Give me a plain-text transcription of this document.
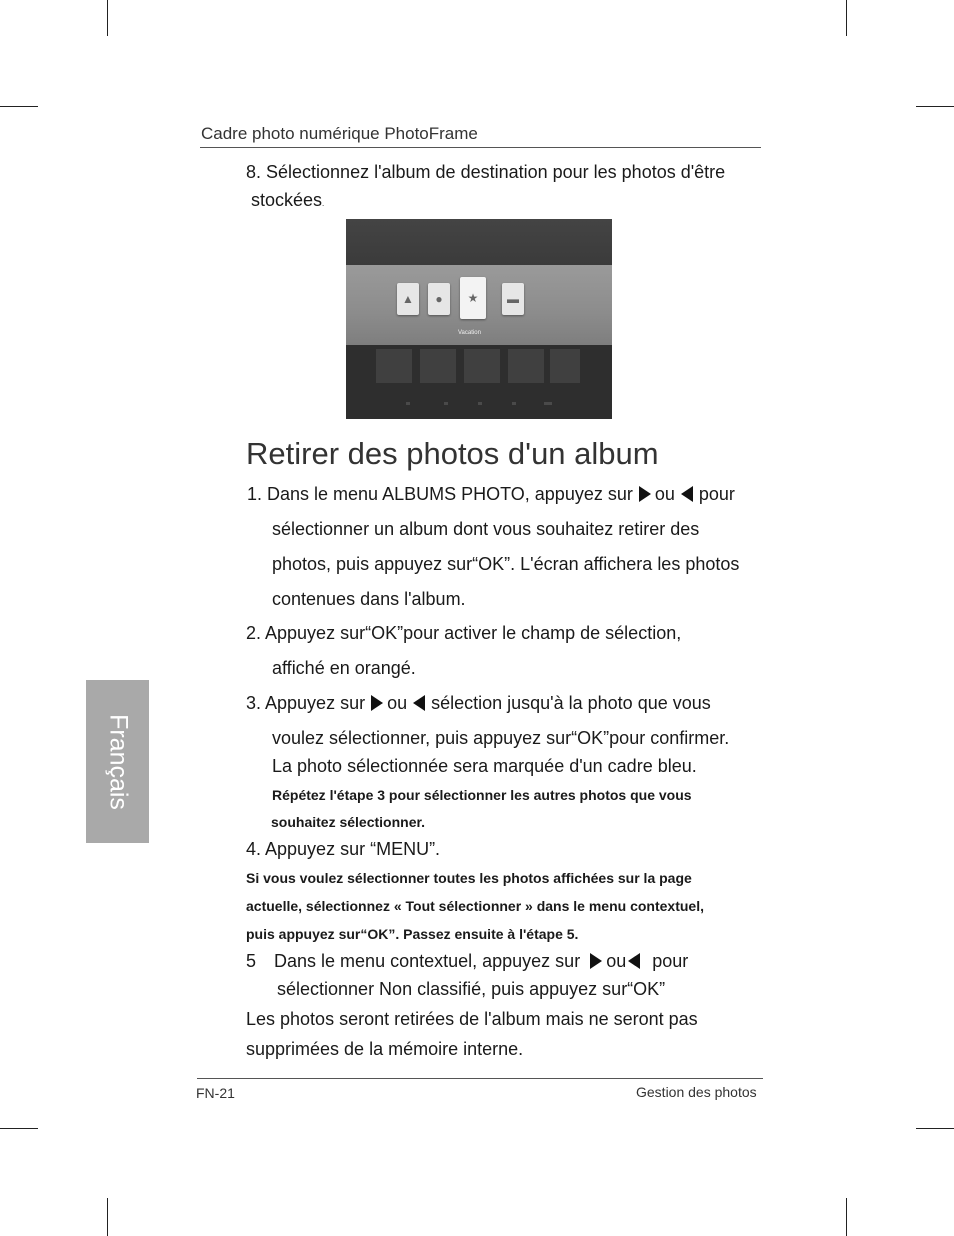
Cadre photo numérique PhotoFrame
8. Sélectionnez l'album de destination pour les photos d'être
stockées.
▲ ● ★ ▬
Vacation
Retirer des photos d'un album
1. Dans le menu ALBUMS PHOTO, appuyez sur ou pour
sélectionner un album dont vous souhaitez retirer des
photos, puis appuyez sur“OK”. L'écran affichera les photos
contenues dans l'album.
2. Appuyez sur“OK”pour activer le champ de sélection,
affiché en orangé.
3. Appuyez sur ou sélection jusqu'à la photo que vous
voulez sélectionner, puis appuyez sur“OK”pour confirmer.
La photo sélectionnée sera marquée d'un cadre bleu.
Répétez l'étape 3 pour sélectionner les autres photos que vous
souhaitez sélectionner.
4. Appuyez sur “MENU”.
Si vous voulez sélectionner toutes les photos affichées sur la page
actuelle, sélectionnez « Tout sélectionner » dans le menu contextuel,
puis appuyez sur“OK”. Passez ensuite à l'étape 5.
5 Dans le menu contextuel, appuyez sur ou pour
sélectionner Non classifié, puis appuyez sur“OK”
Les photos seront retirées de l'album mais ne seront pas
supprimées de la mémoire interne.
Français
FN-21	Gestion des photos
